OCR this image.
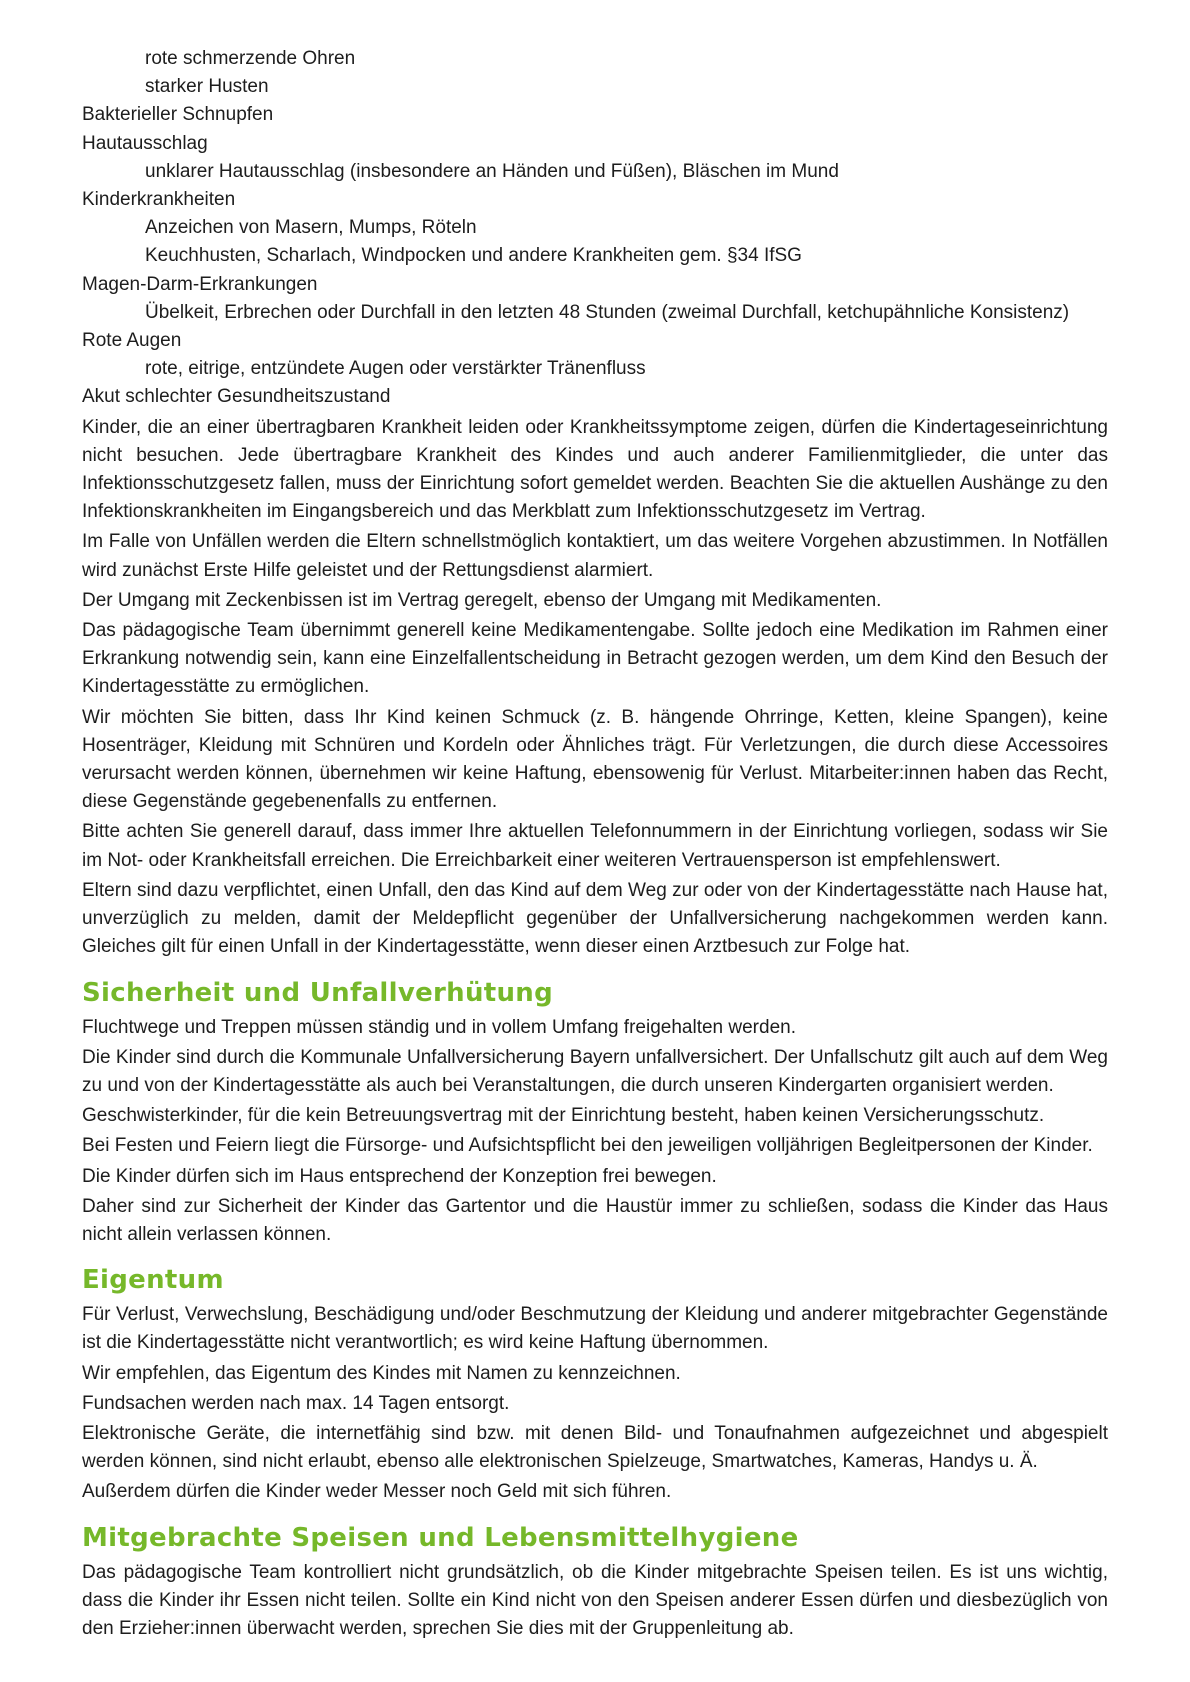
rote schmerzende Ohren
starker Husten
Bakterieller Schnupfen
Hautausschlag
unklarer Hautausschlag (insbesondere an Händen und Füßen), Bläschen im Mund
Kinderkrankheiten
Anzeichen von Masern, Mumps, Röteln
Keuchhusten, Scharlach, Windpocken und andere Krankheiten gem. §34 IfSG
Magen-Darm-Erkrankungen
Übelkeit, Erbrechen oder Durchfall in den letzten 48 Stunden (zweimal Durchfall, ketchupähnliche Konsistenz)
Rote Augen
rote, eitrige, entzündete Augen oder verstärkter Tränenfluss
Akut schlechter Gesundheitszustand

Kinder, die an einer übertragbaren Krankheit leiden oder Krankheitssymptome zeigen, dürfen die Kindertageseinrichtung nicht besuchen. Jede übertragbare Krankheit des Kindes und auch anderer Familienmitglieder, die unter das Infektionsschutzgesetz fallen, muss der Einrichtung sofort gemeldet werden. Beachten Sie die aktuellen Aushänge zu den Infektionskrankheiten im Eingangsbereich und das Merkblatt zum Infektionsschutzgesetz im Vertrag.

Im Falle von Unfällen werden die Eltern schnellstmöglich kontaktiert, um das weitere Vorgehen abzustimmen. In Notfällen wird zunächst Erste Hilfe geleistet und der Rettungsdienst alarmiert.

Der Umgang mit Zeckenbissen ist im Vertrag geregelt, ebenso der Umgang mit Medikamenten.

Das pädagogische Team übernimmt generell keine Medikamentengabe. Sollte jedoch eine Medikation im Rahmen einer Erkrankung notwendig sein, kann eine Einzelfallentscheidung in Betracht gezogen werden, um dem Kind den Besuch der Kindertagesstätte zu ermöglichen.

Wir möchten Sie bitten, dass Ihr Kind keinen Schmuck (z. B. hängende Ohrringe, Ketten, kleine Spangen), keine Hosenträger, Kleidung mit Schnüren und Kordeln oder Ähnliches trägt. Für Verletzungen, die durch diese Accessoires verursacht werden können, übernehmen wir keine Haftung, ebensowenig für Verlust. Mitarbeiter:innen haben das Recht, diese Gegenstände gegebenenfalls zu entfernen.

Bitte achten Sie generell darauf, dass immer Ihre aktuellen Telefonnummern in der Einrichtung vorliegen, sodass wir Sie im Not- oder Krankheitsfall erreichen. Die Erreichbarkeit einer weiteren Vertrauensperson ist empfehlenswert.

Eltern sind dazu verpflichtet, einen Unfall, den das Kind auf dem Weg zur oder von der Kindertagesstätte nach Hause hat, unverzüglich zu melden, damit der Meldepflicht gegenüber der Unfallversicherung nachgekommen werden kann. Gleiches gilt für einen Unfall in der Kindertagesstätte, wenn dieser einen Arztbesuch zur Folge hat.

Sicherheit und Unfallverhütung

Fluchtwege und Treppen müssen ständig und in vollem Umfang freigehalten werden.

Die Kinder sind durch die Kommunale Unfallversicherung Bayern unfallversichert. Der Unfallschutz gilt auch auf dem Weg zu und von der Kindertagesstätte als auch bei Veranstaltungen, die durch unseren Kindergarten organisiert werden.

Geschwisterkinder, für die kein Betreuungsvertrag mit der Einrichtung besteht, haben keinen Versicherungsschutz.

Bei Festen und Feiern liegt die Fürsorge- und Aufsichtspflicht bei den jeweiligen volljährigen Begleitpersonen der Kinder.

Die Kinder dürfen sich im Haus entsprechend der Konzeption frei bewegen.

Daher sind zur Sicherheit der Kinder das Gartentor und die Haustür immer zu schließen, sodass die Kinder das Haus nicht allein verlassen können.

Eigentum

Für Verlust, Verwechslung, Beschädigung und/oder Beschmutzung der Kleidung und anderer mitgebrachter Gegenstände ist die Kindertagesstätte nicht verantwortlich; es wird keine Haftung übernommen.

Wir empfehlen, das Eigentum des Kindes mit Namen zu kennzeichnen.

Fundsachen werden nach max. 14 Tagen entsorgt.

Elektronische Geräte, die internetfähig sind bzw. mit denen Bild- und Tonaufnahmen aufgezeichnet und abgespielt werden können, sind nicht erlaubt, ebenso alle elektronischen Spielzeuge, Smartwatches, Kameras, Handys u. Ä.

Außerdem dürfen die Kinder weder Messer noch Geld mit sich führen.

Mitgebrachte Speisen und Lebensmittelhygiene

Das pädagogische Team kontrolliert nicht grundsätzlich, ob die Kinder mitgebrachte Speisen teilen. Es ist uns wichtig, dass die Kinder ihr Essen nicht teilen. Sollte ein Kind nicht von den Speisen anderer Essen dürfen und diesbezüglich von den Erzieher:innen überwacht werden, sprechen Sie dies mit der Gruppenleitung ab.
